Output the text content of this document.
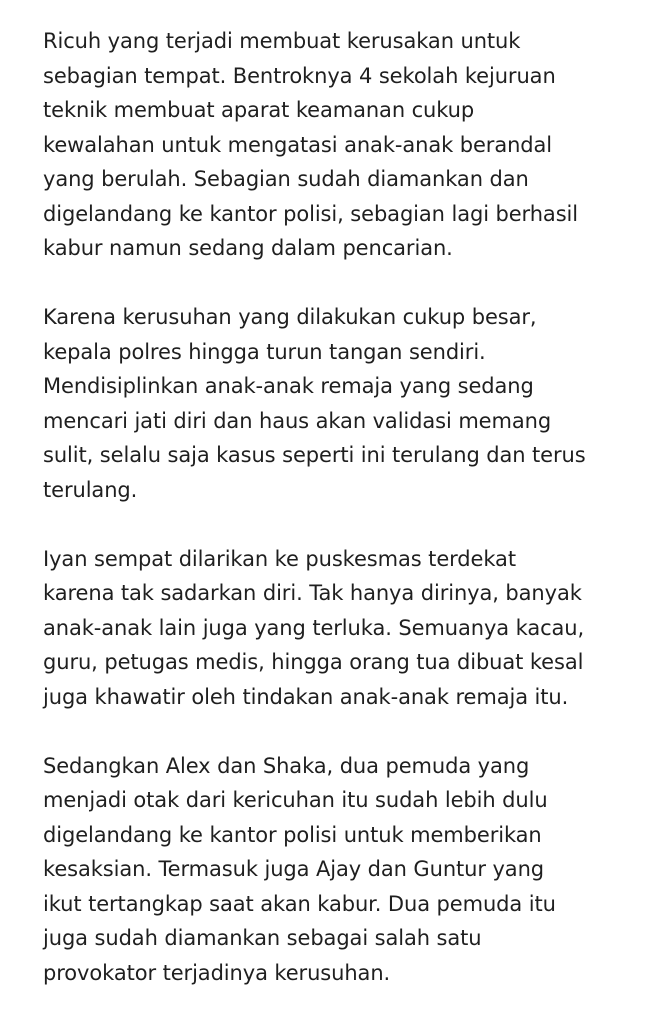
Ricuh yang terjadi membuat kerusakan untuk
sebagian tempat. Bentroknya 4 sekolah kejuruan
teknik membuat aparat keamanan cukup
kewalahan untuk mengatasi anak-anak berandal
yang berulah. Sebagian sudah diamankan dan
digelandang ke kantor polisi, sebagian lagi berhasil
kabur namun sedang dalam pencarian.

Karena kerusuhan yang dilakukan cukup besar,
kepala polres hingga turun tangan sendiri.
Mendisiplinkan anak-anak remaja yang sedang
mencari jati diri dan haus akan validasi memang
sulit, selalu saja kasus seperti ini terulang dan terus
terulang.

Iyan sempat dilarikan ke puskesmas terdekat
karena tak sadarkan diri. Tak hanya dirinya, banyak
anak-anak lain juga yang terluka. Semuanya kacau,
guru, petugas medis, hingga orang tua dibuat kesal
juga khawatir oleh tindakan anak-anak remaja itu.

Sedangkan Alex dan Shaka, dua pemuda yang
menjadi otak dari kericuhan itu sudah lebih dulu
digelandang ke kantor polisi untuk memberikan
kesaksian. Termasuk juga Ajay dan Guntur yang
ikut tertangkap saat akan kabur. Dua pemuda itu
juga sudah diamankan sebagai salah satu
provokator terjadinya kerusuhan.
